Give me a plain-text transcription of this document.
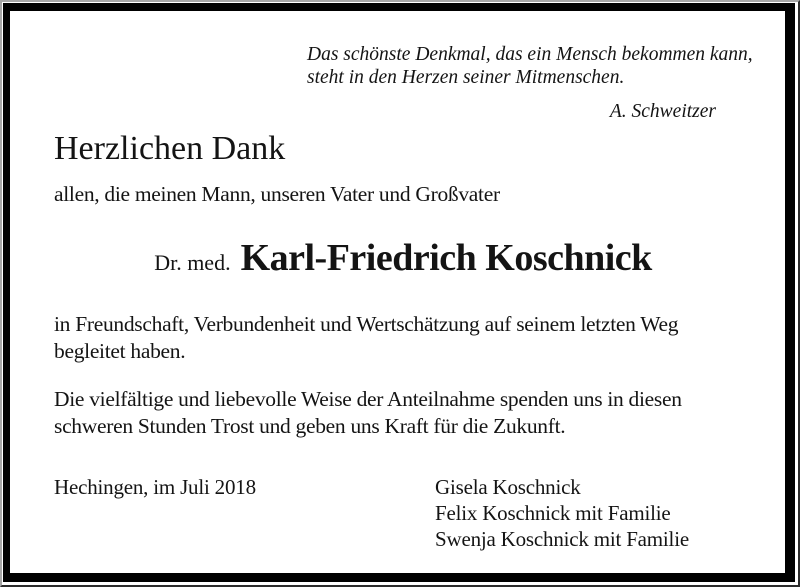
Das schönste Denkmal, das ein Mensch bekommen kann,
steht in den Herzen seiner Mitmenschen.
A. Schweitzer
Herzlichen Dank
allen, die meinen Mann, unseren Vater und Großvater
Dr. med. Karl-Friedrich Koschnick
in Freundschaft, Verbundenheit und Wertschätzung auf seinem letzten Weg
begleitet haben.
Die vielfältige und liebevolle Weise der Anteilnahme spenden uns in diesen
schweren Stunden Trost und geben uns Kraft für die Zukunft.
Hechingen, im Juli 2018	Gisela Koschnick
Felix Koschnick mit Familie
Swenja Koschnick mit Familie
